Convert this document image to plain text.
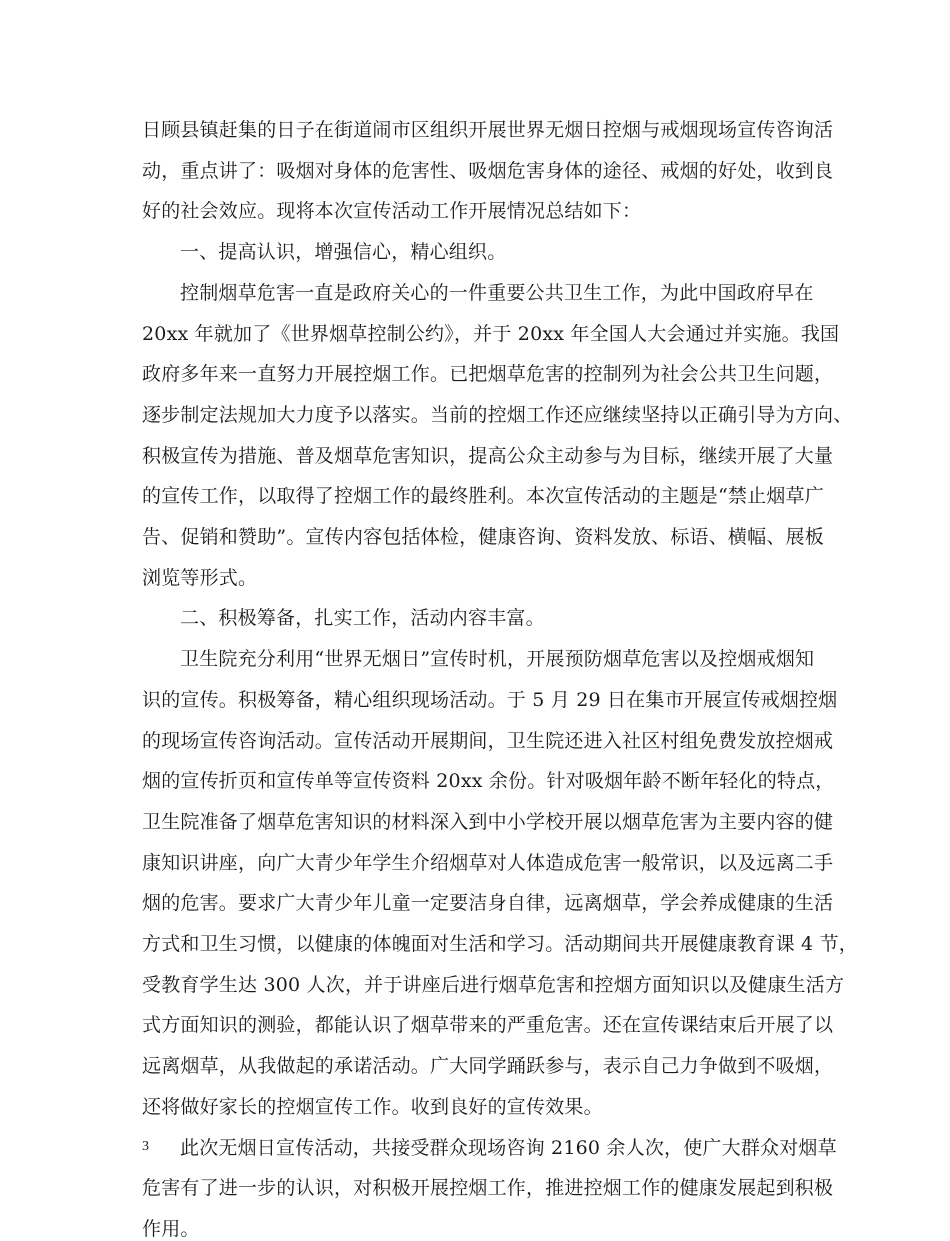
日顾县镇赶集的日子在街道闹市区组织开展世界无烟日控烟与戒烟现场宣传咨询活
动，重点讲了：吸烟对身体的危害性、吸烟危害身体的途径、戒烟的好处，收到良
好的社会效应。现将本次宣传活动工作开展情况总结如下：
一、提高认识，增强信心，精心组织。
控制烟草危害一直是政府关心的一件重要公共卫生工作，为此中国政府早在
20xx 年就加了《世界烟草控制公约》，并于 20xx 年全国人大会通过并实施。我国
政府多年来一直努力开展控烟工作。已把烟草危害的控制列为社会公共卫生问题，
逐步制定法规加大力度予以落实。当前的控烟工作还应继续坚持以正确引导为方向、
积极宣传为措施、普及烟草危害知识，提高公众主动参与为目标，继续开展了大量
的宣传工作，以取得了控烟工作的最终胜利。本次宣传活动的主题是“禁止烟草广
告、促销和赞助”。宣传内容包括体检，健康咨询、资料发放、标语、横幅、展板
浏览等形式。
二、积极筹备，扎实工作，活动内容丰富。
卫生院充分利用“世界无烟日”宣传时机，开展预防烟草危害以及控烟戒烟知
识的宣传。积极筹备，精心组织现场活动。于 5 月 29 日在集市开展宣传戒烟控烟
的现场宣传咨询活动。宣传活动开展期间，卫生院还进入社区村组免费发放控烟戒
烟的宣传折页和宣传单等宣传资料 20xx 余份。针对吸烟年龄不断年轻化的特点，
卫生院准备了烟草危害知识的材料深入到中小学校开展以烟草危害为主要内容的健
康知识讲座，向广大青少年学生介绍烟草对人体造成危害一般常识，以及远离二手
烟的危害。要求广大青少年儿童一定要洁身自律，远离烟草，学会养成健康的生活
方式和卫生习惯，以健康的体魄面对生活和学习。活动期间共开展健康教育课 4 节，
受教育学生达 300 人次，并于讲座后进行烟草危害和控烟方面知识以及健康生活方
式方面知识的测验，都能认识了烟草带来的严重危害。还在宣传课结束后开展了以
远离烟草，从我做起的承诺活动。广大同学踊跃参与，表示自己力争做到不吸烟，
还将做好家长的控烟宣传工作。收到良好的宣传效果。
此次无烟日宣传活动，共接受群众现场咨询 2160 余人次，使广大群众对烟草
危害有了进一步的认识，对积极开展控烟工作，推进控烟工作的健康发展起到积极
作用。
3
